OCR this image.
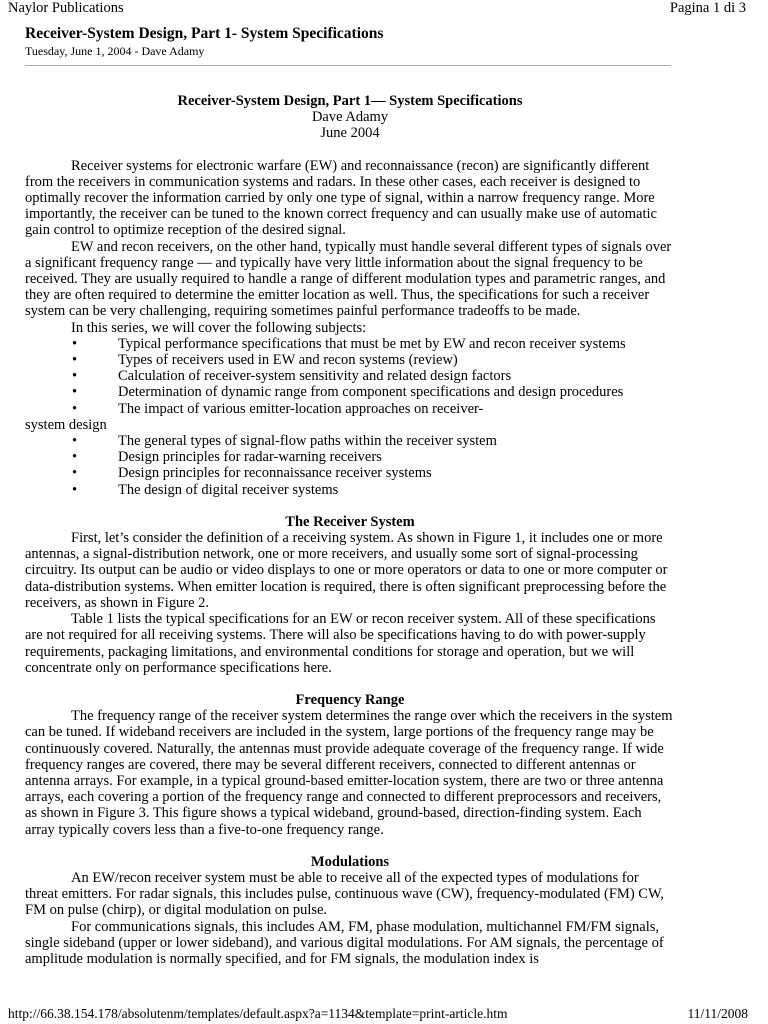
Naylor Publications	Pagina 1 di 3
Receiver-System Design, Part 1- System Specifications
Tuesday, June 1, 2004 - Dave Adamy
Receiver-System Design, Part 1— System Specifications
Dave Adamy
June 2004

Receiver systems for electronic warfare (EW) and reconnaissance (recon) are significantly different from the receivers in communication systems and radars. In these other cases, each receiver is designed to optimally recover the information carried by only one type of signal, within a narrow frequency range. More importantly, the receiver can be tuned to the known correct frequency and can usually make use of automatic gain control to optimize reception of the desired signal.

EW and recon receivers, on the other hand, typically must handle several different types of signals over a significant frequency range — and typically have very little information about the signal frequency to be received. They are usually required to handle a range of different modulation types and parametric ranges, and they are often required to determine the emitter location as well. Thus, the specifications for such a receiver system can be very challenging, requiring sometimes painful performance tradeoffs to be made.

In this series, we will cover the following subjects:

•	Typical performance specifications that must be met by EW and recon receiver systems
•	Types of receivers used in EW and recon systems (review)
•	Calculation of receiver-system sensitivity and related design factors
•	Determination of dynamic range from component specifications and design procedures
•	The impact of various emitter-location approaches on receiver-
system design
•	The general types of signal-flow paths within the receiver system
•	Design principles for radar-warning receivers
•	Design principles for reconnaissance receiver systems
•	The design of digital receiver systems
The Receiver System

First, let’s consider the definition of a receiving system. As shown in Figure 1, it includes one or more antennas, a signal-distribution network, one or more receivers, and usually some sort of signal-processing circuitry. Its output can be audio or video displays to one or more operators or data to one or more computer or data-distribution systems. When emitter location is required, there is often significant preprocessing before the receivers, as shown in Figure 2.

Table 1 lists the typical specifications for an EW or recon receiver system. All of these specifications are not required for all receiving systems. There will also be specifications having to do with power-supply requirements, packaging limitations, and environmental conditions for storage and operation, but we will concentrate only on performance specifications here.

Frequency Range

The frequency range of the receiver system determines the range over which the receivers in the system can be tuned. If wideband receivers are included in the system, large portions of the frequency range may be continuously covered. Naturally, the antennas must provide adequate coverage of the frequency range. If wide frequency ranges are covered, there may be several different receivers, connected to different antennas or antenna arrays. For example, in a typical ground-based emitter-location system, there are two or three antenna arrays, each covering a portion of the frequency range and connected to different preprocessors and receivers, as shown in Figure 3. This figure shows a typical wideband, ground-based, direction-finding system. Each array typically covers less than a five-to-one frequency range.

Modulations

An EW/recon receiver system must be able to receive all of the expected types of modulations for threat emitters. For radar signals, this includes pulse, continuous wave (CW), frequency-modulated (FM) CW, FM on pulse (chirp), or digital modulation on pulse.

For communications signals, this includes AM, FM, phase modulation, multichannel FM/FM signals, single sideband (upper or lower sideband), and various digital modulations. For AM signals, the percentage of amplitude modulation is normally specified, and for FM signals, the modulation index is

http://66.38.154.178/absolutenm/templates/default.aspx?a=1134&template=print-article.htm	11/11/2008
